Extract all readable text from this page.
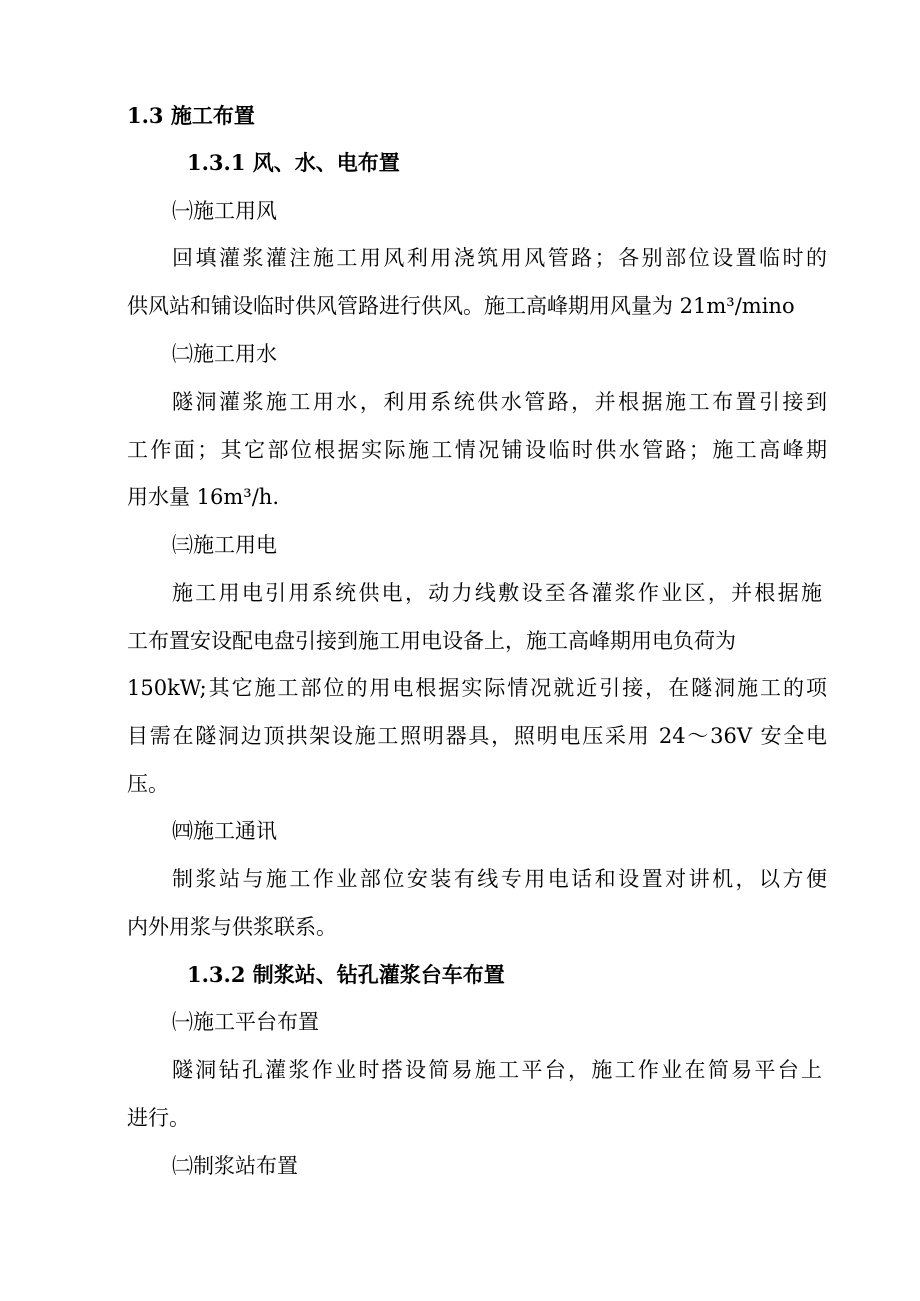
1.3 施工布置

1.3.1 风、水、电布置

㈠施工用风

回填灌浆灌注施工用风利用浇筑用风管路；各别部位设置临时的

供风站和铺设临时供风管路进行供风。施工高峰期用风量为 21m³/mino

㈡施工用水

隧洞灌浆施工用水，利用系统供水管路，并根据施工布置引接到

工作面；其它部位根据实际施工情况铺设临时供水管路；施工高峰期

用水量 16m³/h.

㈢施工用电

施工用电引用系统供电，动力线敷设至各灌浆作业区，并根据施

工布置安设配电盘引接到施工用电设备上，施工高峰期用电负荷为

150kW;其它施工部位的用电根据实际情况就近引接，在隧洞施工的项

目需在隧洞边顶拱架设施工照明器具，照明电压采用 24～36V 安全电

压。

㈣施工通讯

制浆站与施工作业部位安装有线专用电话和设置对讲机，以方便

内外用浆与供浆联系。

1.3.2 制浆站、钻孔灌浆台车布置

㈠施工平台布置

隧洞钻孔灌浆作业时搭设简易施工平台，施工作业在简易平台上

进行。

㈡制浆站布置
